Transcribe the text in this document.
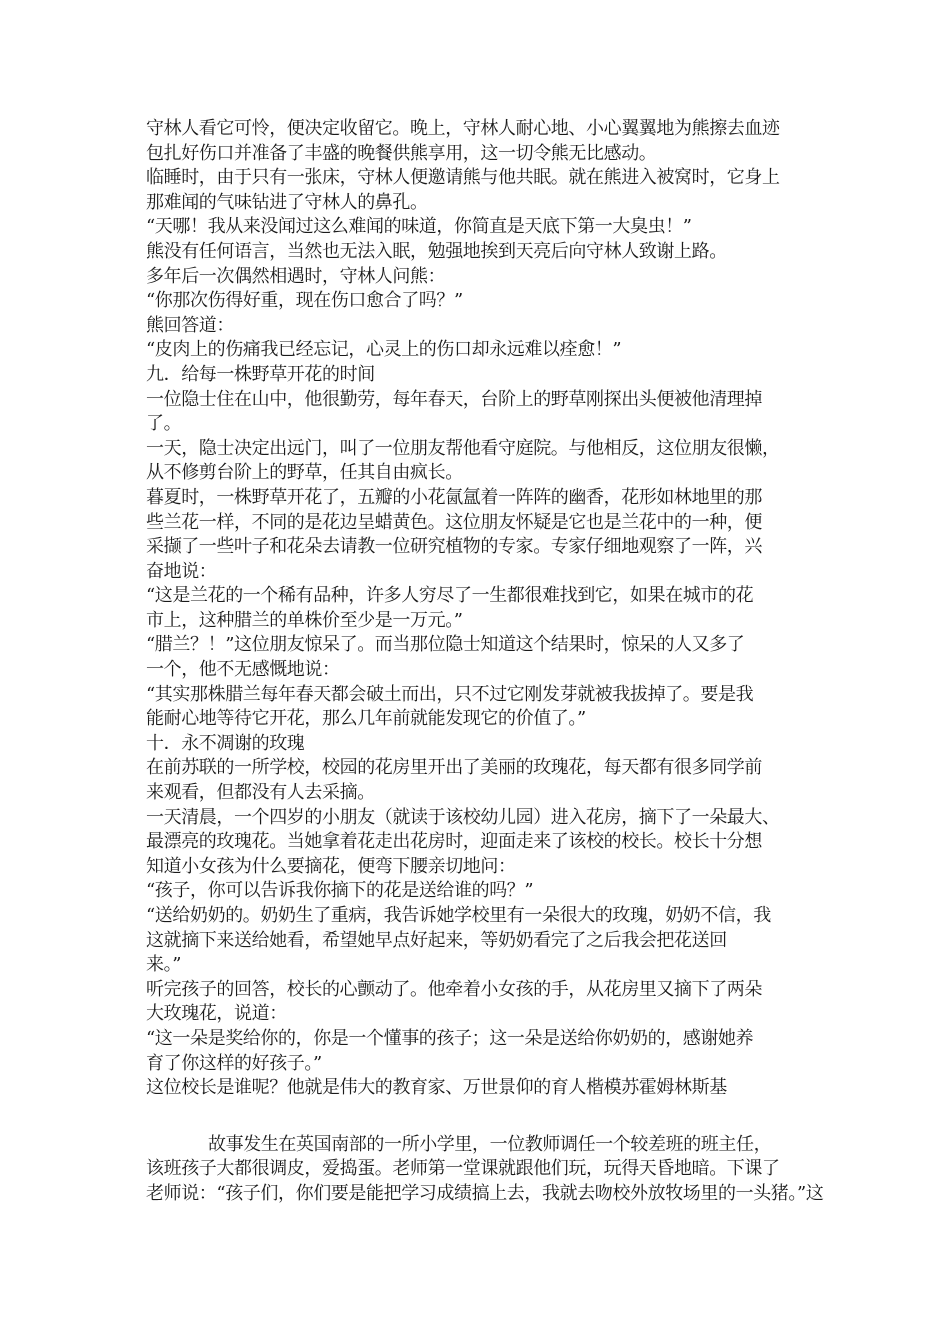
守林人看它可怜，便决定收留它。晚上，守林人耐心地、小心翼翼地为熊擦去血迹
包扎好伤口并准备了丰盛的晚餐供熊享用，这一切令熊无比感动。
临睡时，由于只有一张床，守林人便邀请熊与他共眠。就在熊进入被窝时，它身上
那难闻的气味钻进了守林人的鼻孔。
“天哪！我从来没闻过这么难闻的味道，你简直是天底下第一大臭虫！”
熊没有任何语言，当然也无法入眠，勉强地挨到天亮后向守林人致谢上路。
多年后一次偶然相遇时，守林人问熊：
“你那次伤得好重，现在伤口愈合了吗？”
熊回答道：
“皮肉上的伤痛我已经忘记，心灵上的伤口却永远难以痊愈！”
九．给每一株野草开花的时间
一位隐士住在山中，他很勤劳，每年春天，台阶上的野草刚探出头便被他清理掉
了。
一天，隐士决定出远门，叫了一位朋友帮他看守庭院。与他相反，这位朋友很懒，
从不修剪台阶上的野草，任其自由疯长。
暮夏时，一株野草开花了，五瓣的小花氤氲着一阵阵的幽香，花形如林地里的那
些兰花一样，不同的是花边呈蜡黄色。这位朋友怀疑是它也是兰花中的一种，便
采撷了一些叶子和花朵去请教一位研究植物的专家。专家仔细地观察了一阵，兴
奋地说：
“这是兰花的一个稀有品种，许多人穷尽了一生都很难找到它，如果在城市的花
市上，这种腊兰的单株价至少是一万元。”
“腊兰？！”这位朋友惊呆了。而当那位隐士知道这个结果时，惊呆的人又多了
一个，他不无感慨地说：
“其实那株腊兰每年春天都会破土而出，只不过它刚发芽就被我拔掉了。要是我
能耐心地等待它开花，那么几年前就能发现它的价值了。”
十．永不凋谢的玫瑰
在前苏联的一所学校，校园的花房里开出了美丽的玫瑰花，每天都有很多同学前
来观看，但都没有人去采摘。
一天清晨，一个四岁的小朋友（就读于该校幼儿园）进入花房，摘下了一朵最大、
最漂亮的玫瑰花。当她拿着花走出花房时，迎面走来了该校的校长。校长十分想
知道小女孩为什么要摘花，便弯下腰亲切地问：
“孩子，你可以告诉我你摘下的花是送给谁的吗？”
“送给奶奶的。奶奶生了重病，我告诉她学校里有一朵很大的玫瑰，奶奶不信，我
这就摘下来送给她看，希望她早点好起来，等奶奶看完了之后我会把花送回
来。”
听完孩子的回答，校长的心颤动了。他牵着小女孩的手，从花房里又摘下了两朵
大玫瑰花，说道：
“这一朵是奖给你的，你是一个懂事的孩子；这一朵是送给你奶奶的，感谢她养
育了你这样的好孩子。”
这位校长是谁呢？他就是伟大的教育家、万世景仰的育人楷模苏霍姆林斯基
故事发生在英国南部的一所小学里，一位教师调任一个较差班的班主任，
该班孩子大都很调皮，爱捣蛋。老师第一堂课就跟他们玩，玩得天昏地暗。下课了
老师说：“孩子们，你们要是能把学习成绩搞上去，我就去吻校外放牧场里的一头猪。”这
